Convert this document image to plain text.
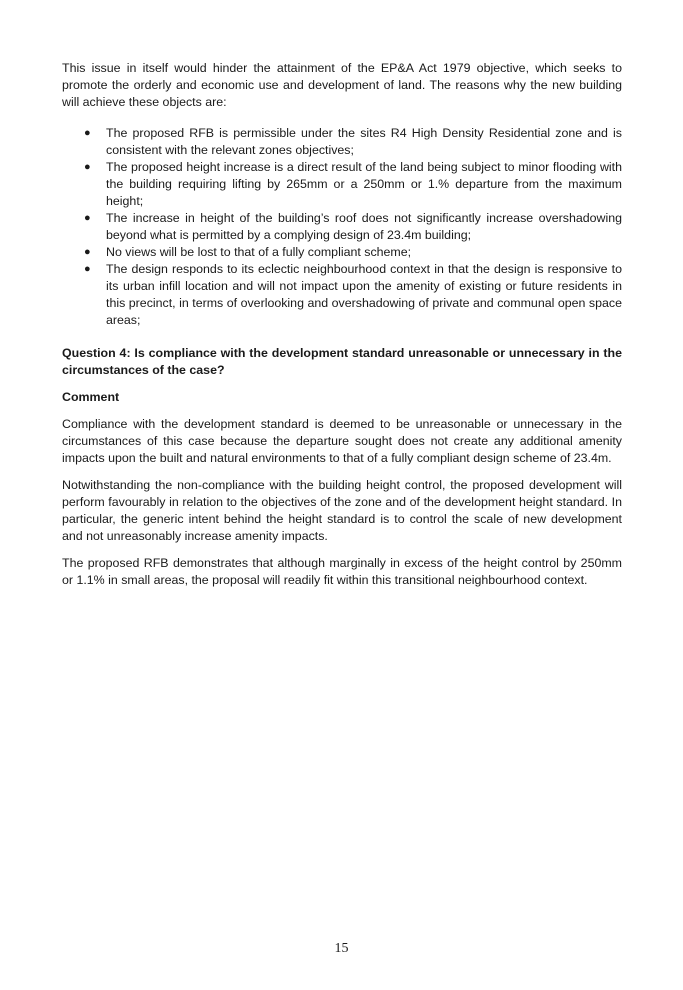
This issue in itself would hinder the attainment of the EP&A Act 1979 objective, which seeks to promote the orderly and economic use and development of land. The reasons why the new building will achieve these objects are:

● The proposed RFB is permissible under the sites R4 High Density Residential zone and is consistent with the relevant zones objectives;
● The proposed height increase is a direct result of the land being subject to minor flooding with the building requiring lifting by 265mm or a 250mm or 1.% departure from the maximum height;
● The increase in height of the building’s roof does not significantly increase overshadowing beyond what is permitted by a complying design of 23.4m building;
● No views will be lost to that of a fully compliant scheme;
● The design responds to its eclectic neighbourhood context in that the design is responsive to its urban infill location and will not impact upon the amenity of existing or future residents in this precinct, in terms of overlooking and overshadowing of private and communal open space areas;

Question 4: Is compliance with the development standard unreasonable or unnecessary in the circumstances of the case?

Comment

Compliance with the development standard is deemed to be unreasonable or unnecessary in the circumstances of this case because the departure sought does not create any additional amenity impacts upon the built and natural environments to that of a fully compliant design scheme of 23.4m.

Notwithstanding the non-compliance with the building height control, the proposed development will perform favourably in relation to the objectives of the zone and of the development height standard. In particular, the generic intent behind the height standard is to control the scale of new development and not unreasonably increase amenity impacts.

The proposed RFB demonstrates that although marginally in excess of the height control by 250mm or 1.1% in small areas, the proposal will readily fit within this transitional neighbourhood context.

15
